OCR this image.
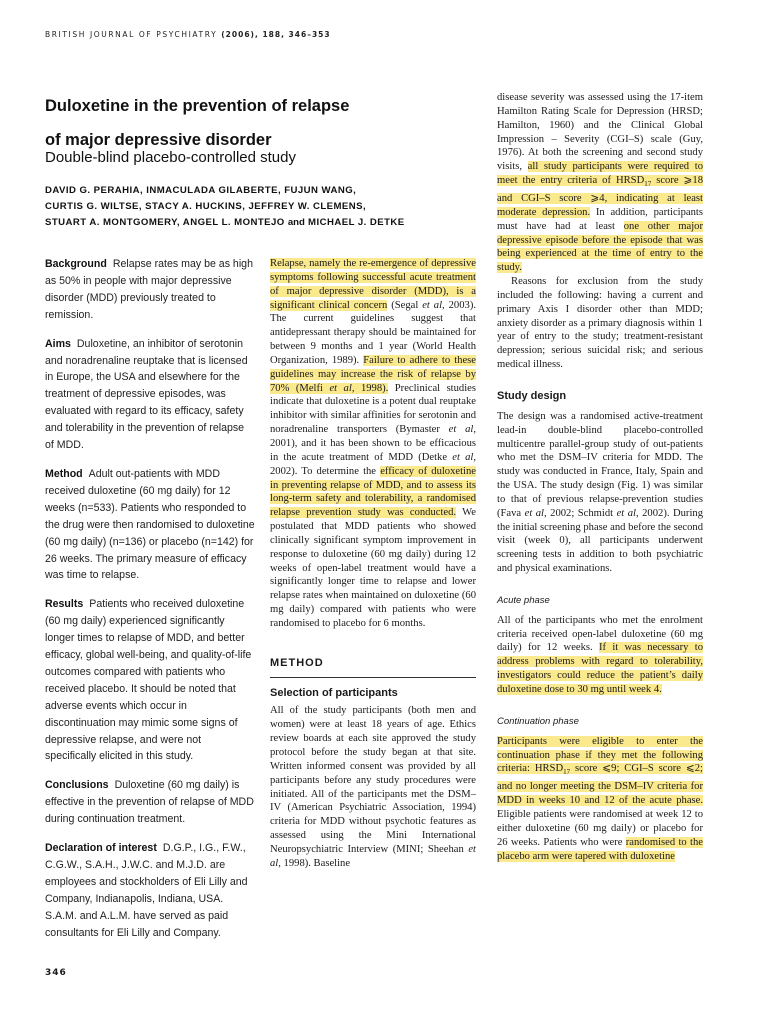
BRITISH JOURNAL OF PSYCHIATRY (2006), 188, 346–353
Duloxetine in the prevention of relapse
of major depressive disorder
Double-blind placebo-controlled study
DAVID G. PERAHIA, INMACULADA GILABERTE, FUJUN WANG,
CURTIS G. WILTSE, STACY A. HUCKINS, JEFFREY W. CLEMENS,
STUART A. MONTGOMERY, ANGEL L. MONTEJO and MICHAEL J. DETKE

Background Relapse rates may be as high as 50% in people with major depressive disorder (MDD) previously treated to remission.

Aims Duloxetine, an inhibitor of serotonin and noradrenaline reuptake that is licensed in Europe, the USA and elsewhere for the treatment of depressive episodes, was evaluated with regard to its efficacy, safety and tolerability in the prevention of relapse of MDD.

Method Adult out-patients with MDD received duloxetine (60 mg daily) for 12 weeks (n=533). Patients who responded to the drug were then randomised to duloxetine (60 mg daily) (n=136) or placebo (n=142) for 26 weeks. The primary measure of efficacy was time to relapse.

Results Patients who received duloxetine (60 mg daily) experienced significantly longer times to relapse of MDD, and better efficacy, global well-being, and quality-of-life outcomes compared with patients who received placebo. It should be noted that adverse events which occur in discontinuation may mimic some signs of depressive relapse, and were not specifically elicited in this study.

Conclusions Duloxetine (60 mg daily) is effective in the prevention of relapse of MDD during continuation treatment.

Declaration of interest D.G.P., I.G., F.W., C.G.W., S.A.H., J.W.C. and M.J.D. are employees and stockholders of Eli Lilly and Company, Indianapolis, Indiana, USA. S.A.M. and A.L.M. have served as paid consultants for Eli Lilly and Company.

Relapse, namely the re-emergence of depressive symptoms following successful acute treatment of major depressive disorder (MDD), is a significant clinical concern (Segal et al, 2003). The current guidelines suggest that antidepressant therapy should be maintained for between 9 months and 1 year (World Health Organization, 1989). Failure to adhere to these guidelines may increase the risk of relapse by 70% (Melfi et al, 1998). Preclinical studies indicate that duloxetine is a potent dual reuptake inhibitor with similar affinities for serotonin and noradrenaline transporters (Bymaster et al, 2001), and it has been shown to be efficacious in the acute treatment of MDD (Detke et al, 2002). To determine the efficacy of duloxetine in preventing relapse of MDD, and to assess its long-term safety and tolerability, a randomised relapse prevention study was conducted. We postulated that MDD patients who showed clinically significant symptom improvement in response to duloxetine (60 mg daily) during 12 weeks of open-label treatment would have a significantly longer time to relapse and lower relapse rates when maintained on duloxetine (60 mg daily) compared with patients who were randomised to placebo for 6 months.

METHOD
Selection of participants

All of the study participants (both men and women) were at least 18 years of age. Ethics review boards at each site approved the study protocol before the study began at that site. Written informed consent was provided by all participants before any study procedures were initiated. All of the participants met the DSM–IV (American Psychiatric Association, 1994) criteria for MDD without psychotic features as assessed using the Mini International Neuropsychiatric Interview (MINI; Sheehan et al, 1998). Baseline

disease severity was assessed using the 17-item Hamilton Rating Scale for Depression (HRSD; Hamilton, 1960) and the Clinical Global Impression – Severity (CGI–S) scale (Guy, 1976). At both the screening and second study visits, all study participants were required to meet the entry criteria of $HRSD_{17}$ score ⩾18 and CGI–S score ⩾4, indicating at least moderate depression. In addition, participants must have had at least one other major depressive episode before the episode that was being experienced at the time of entry to the study.

Reasons for exclusion from the study included the following: having a current and primary Axis I disorder other than MDD; anxiety disorder as a primary diagnosis within 1 year of entry to the study; treatment-resistant depression; serious suicidal risk; and serious medical illness.

Study design

The design was a randomised active-treatment lead-in double-blind placebo-controlled multicentre parallel-group study of out-patients who met the DSM–IV criteria for MDD. The study was conducted in France, Italy, Spain and the USA. The study design (Fig. 1) was similar to that of previous relapse-prevention studies (Fava et al, 2002; Schmidt et al, 2002). During the initial screening phase and before the second visit (week 0), all participants underwent screening tests in addition to both psychiatric and physical examinations.

Acute phase

All of the participants who met the enrolment criteria received open-label duloxetine (60 mg daily) for 12 weeks. If it was necessary to address problems with regard to tolerability, investigators could reduce the patient’s daily duloxetine dose to 30 mg until week 4.

Continuation phase

Participants were eligible to enter the continuation phase if they met the following criteria: $HRSD_{17}$ score ⩽9; CGI–S score ⩽2; and no longer meeting the DSM–IV criteria for MDD in weeks 10 and 12 of the acute phase. Eligible patients were randomised at week 12 to either duloxetine (60 mg daily) or placebo for 26 weeks. Patients who were randomised to the placebo arm were tapered with duloxetine

346
